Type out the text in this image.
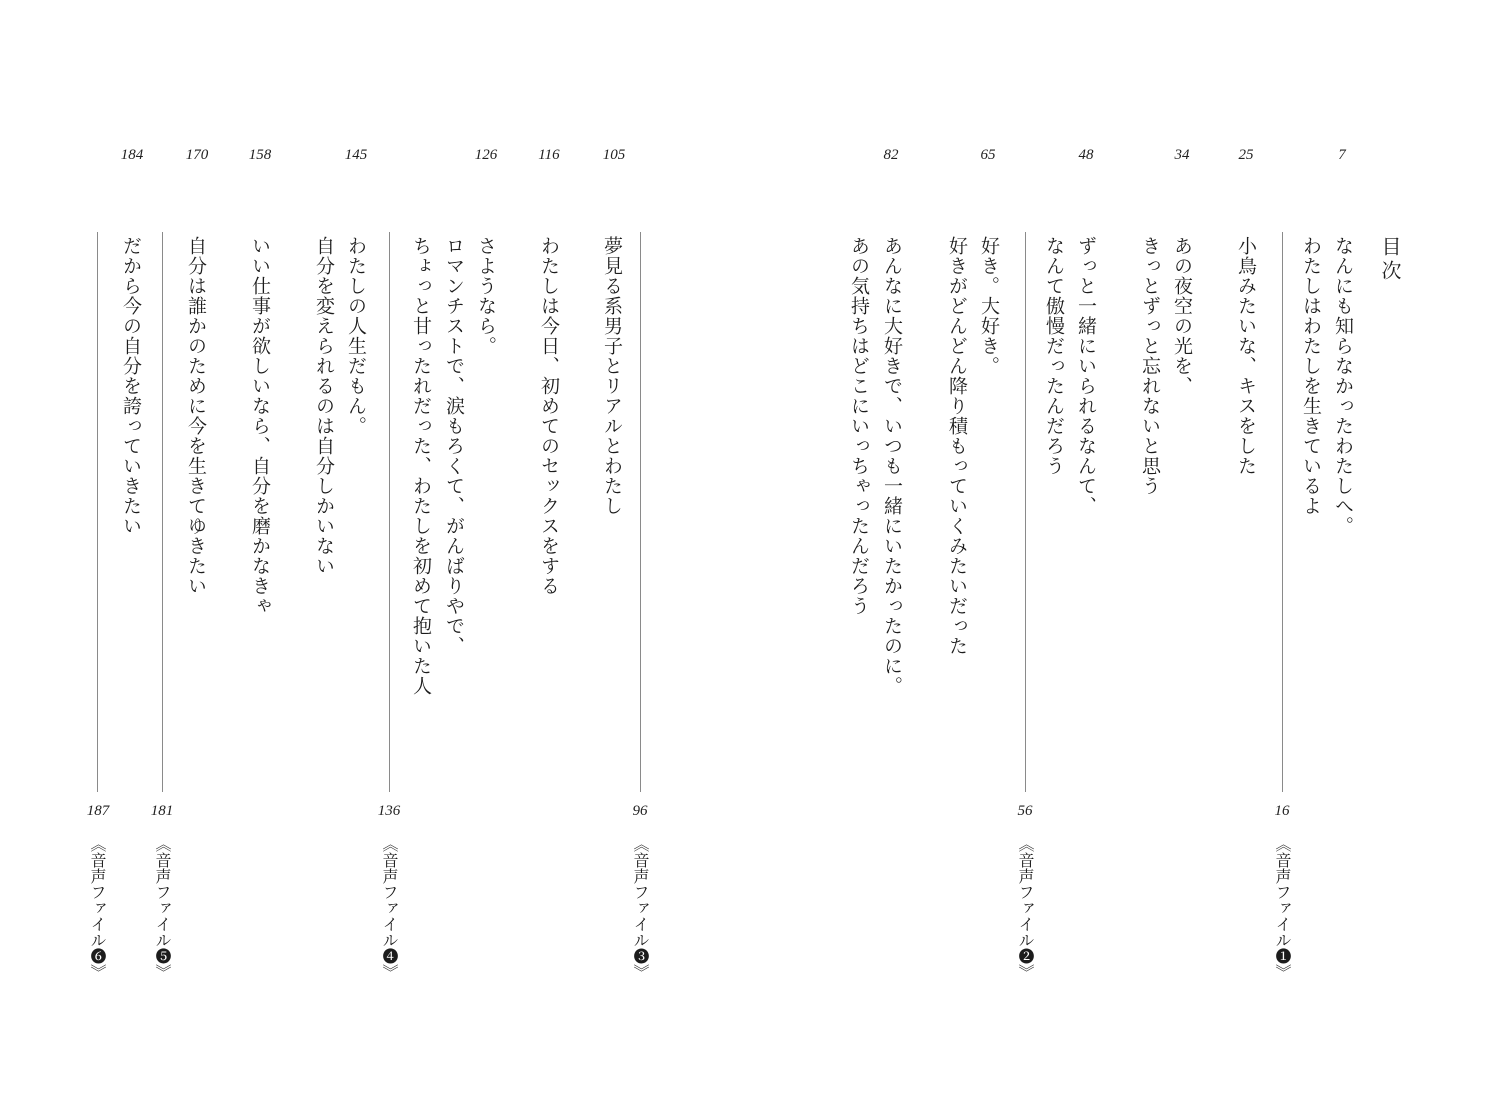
目次
7
なんにも知らなかったわたしへ。
わたしはわたしを生きているよ
25
小鳥みたいな、キスをした
34
あの夜空の光を、
きっとずっと忘れないと思う
48
ずっと一緒にいられるなんて、
なんて傲慢だったんだろう
16
《音声ファイル❶》
65
好き。大好き。
好きがどんどん降り積もっていくみたいだった
82
あんなに大好きで、いつも一緒にいたかったのに。
あの気持ちはどこにいっちゃったんだろう
56
《音声ファイル❷》
105
夢見る系男子とリアルとわたし
116
わたしは今日、初めてのセックスをする
126
さようなら。
ロマンチストで、涙もろくて、がんばりやで、
ちょっと甘ったれだった、わたしを初めて抱いた人
96
《音声ファイル❸》
145
わたしの人生だもん。
自分を変えられるのは自分しかいない
158
いい仕事が欲しいなら、自分を磨かなきゃ
136
《音声ファイル❹》
170
自分は誰かのために今を生きてゆきたい
181
《音声ファイル❺》
184
だから今の自分を誇っていきたい
187
《音声ファイル❻》
